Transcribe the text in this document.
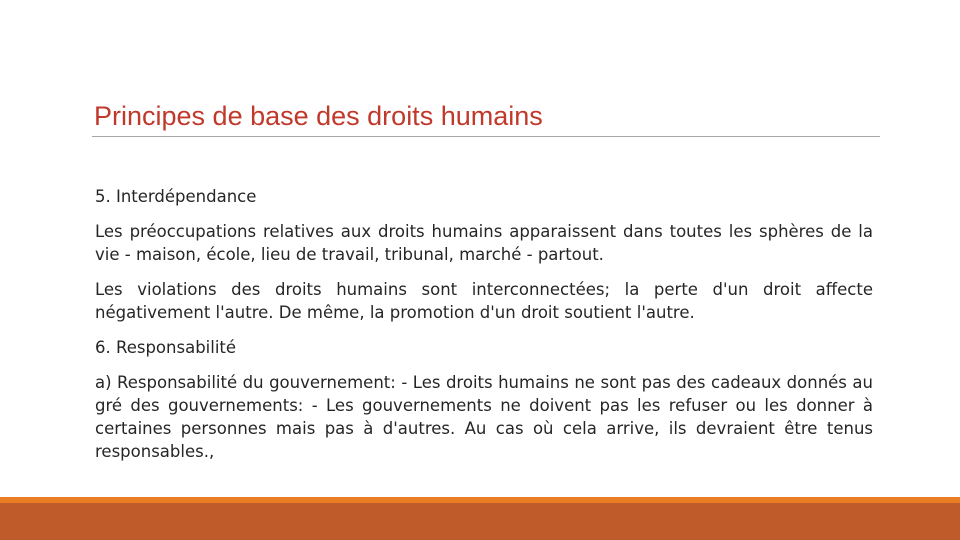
Principes de base des droits humains

5. Interdépendance

Les préoccupations relatives aux droits humains apparaissent dans toutes les sphères de la vie - maison, école, lieu de travail, tribunal, marché - partout.

Les violations des droits humains sont interconnectées; la perte d'un droit affecte négativement l'autre. De même, la promotion d'un droit soutient l'autre.

6. Responsabilité

a) Responsabilité du gouvernement: - Les droits humains ne sont pas des cadeaux donnés au gré des gouvernements: - Les gouvernements ne doivent pas les refuser ou les donner à certaines personnes mais pas à d'autres. Au cas où cela arrive, ils devraient être tenus responsables.,
